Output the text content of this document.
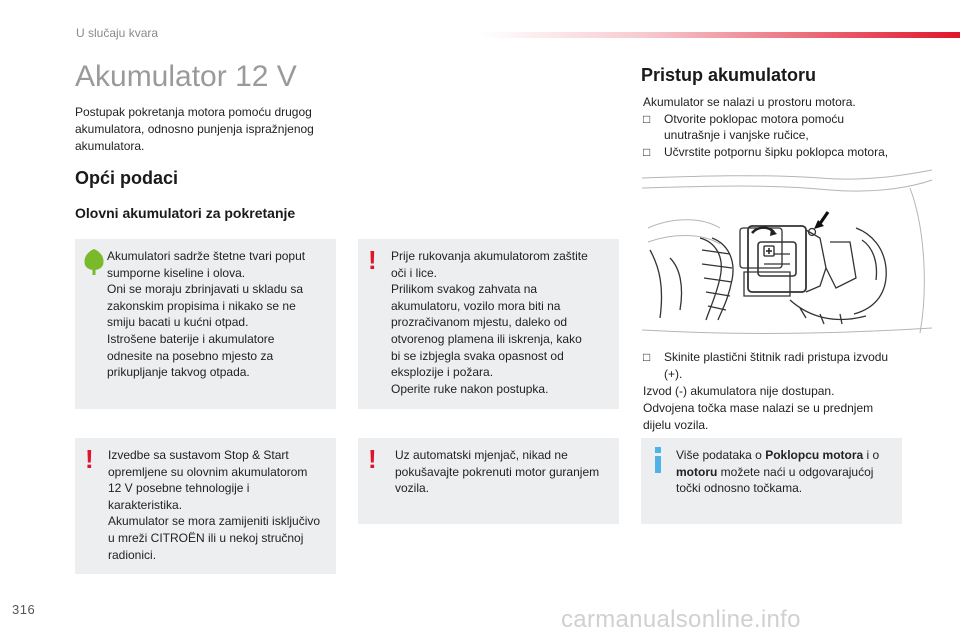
U slučaju kvara
Akumulator 12 V
Postupak pokretanja motora pomoću drugog akumulatora, odnosno punjenja ispražnjenog akumulatora.
Opći podaci
Olovni akumulatori za pokretanje
Akumulatori sadrže štetne tvari poput
sumporne kiseline i olova.
Oni se moraju zbrinjavati u skladu sa
zakonskim propisima i nikako se ne
smiju bacati u kućni otpad.
Istrošene baterije i akumulatore
odnesite na posebno mjesto za
prikupljanje takvog otpada.
! Prije rukovanja akumulatorom zaštite
oči i lice.
Prilikom svakog zahvata na
akumulatoru, vozilo mora biti na
prozračivanom mjestu, daleko od
otvorenog plamena ili iskrenja, kako
bi se izbjegla svaka opasnost od
eksplozije i požara.
Operite ruke nakon postupka.
! Izvedbe sa sustavom Stop & Start
opremljene su olovnim akumulatorom
12 V posebne tehnologije i
karakteristika.
Akumulator se mora zamijeniti isključivo
u mreži CITROËN ili u nekoj stručnoj
radionici.
! Uz automatski mjenjač, nikad ne
pokušavajte pokrenuti motor guranjem
vozila.
Više podataka o Poklopcu motora i o
motoru možete naći u odgovarajućoj
točki odnosno točkama.
Pristup akumulatoru
Akumulator se nalazi u prostoru motora.
□	Otvorite poklopac motora pomoću unutrašnje i vanjske ručice,
□	Učvrstite potpornu šipku poklopca motora,
□	Skinite plastični štitnik radi pristupa izvodu (+).
Izvod (-) akumulatora nije dostupan.
Odvojena točka mase nalazi se u prednjem
dijelu vozila.
316	carmanualsonline.info
